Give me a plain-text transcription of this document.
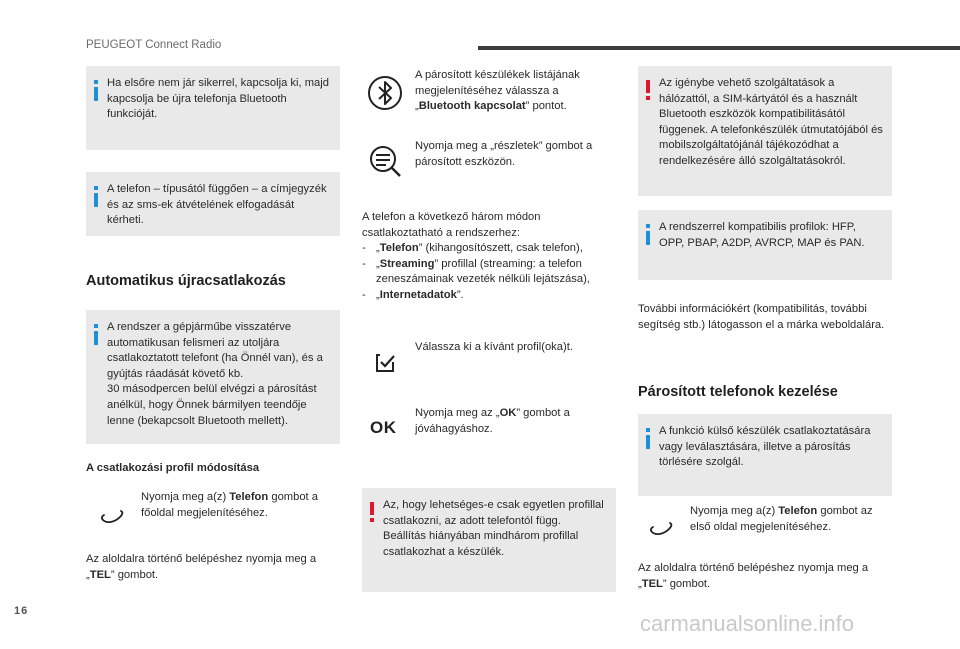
PEUGEOT Connect Radio
Ha elsőre nem jár sikerrel, kapcsolja ki, majd kapcsolja be újra telefonja Bluetooth funkcióját.
A telefon – típusától függően – a címjegyzék és az sms-ek átvételének elfogadását kérheti.
Automatikus újracsatlakozás

A rendszer a gépjárműbe visszatérve automatikusan felismeri az utoljára csatlakoztatott telefont (ha Önnél van), és a gyújtás ráadását követő kb.

30 másodpercen belül elvégzi a párosítást anélkül, hogy Önnek bármilyen teendője lenne (bekapcsolt Bluetooth mellett).

A csatlakozási profil módosítása
Nyomja meg a(z) Telefon gombot a főoldal megjelenítéséhez.
Az aloldalra történő belépéshez nyomja meg a „TEL” gombot.
A párosított készülékek listájának megjelenítéséhez válassza a „Bluetooth kapcsolat” pontot.
Nyomja meg a „részletek” gombot a párosított eszközön.

A telefon a következő három módon csatlakoztatható a rendszerhez:

- „Telefon” (kihangosítószett, csak telefon),
- „Streaming” profillal (streaming: a telefon zeneszámainak vezeték nélküli lejátszása),
- „Internetadatok”.
Válassza ki a kívánt profil(oka)t.
OK
Nyomja meg az „OK” gombot a jóváhagyáshoz.

Az, hogy lehetséges-e csak egyetlen profillal csatlakozni, az adott telefontól függ.

Beállítás hiányában mindhárom profillal csatlakozhat a készülék.

Az igénybe vehető szolgáltatások a hálózattól, a SIM-kártyától és a használt Bluetooth eszközök kompatibilitásától függenek. A telefonkészülék útmutatójából és mobilszolgáltatójánál tájékozódhat a rendelkezésére álló szolgáltatásokról.
A rendszerrel kompatibilis profilok: HFP, OPP, PBAP, A2DP, AVRCP, MAP és PAN.
További információkért (kompatibilitás, további segítség stb.) látogasson el a márka weboldalára.
Párosított telefonok kezelése
A funkció külső készülék csatlakoztatására vagy leválasztására, illetve a párosítás törlésére szolgál.
Nyomja meg a(z) Telefon gombot az első oldal megjelenítéséhez.
Az aloldalra történő belépéshez nyomja meg a „TEL” gombot.
16	carmanualsonline.info
